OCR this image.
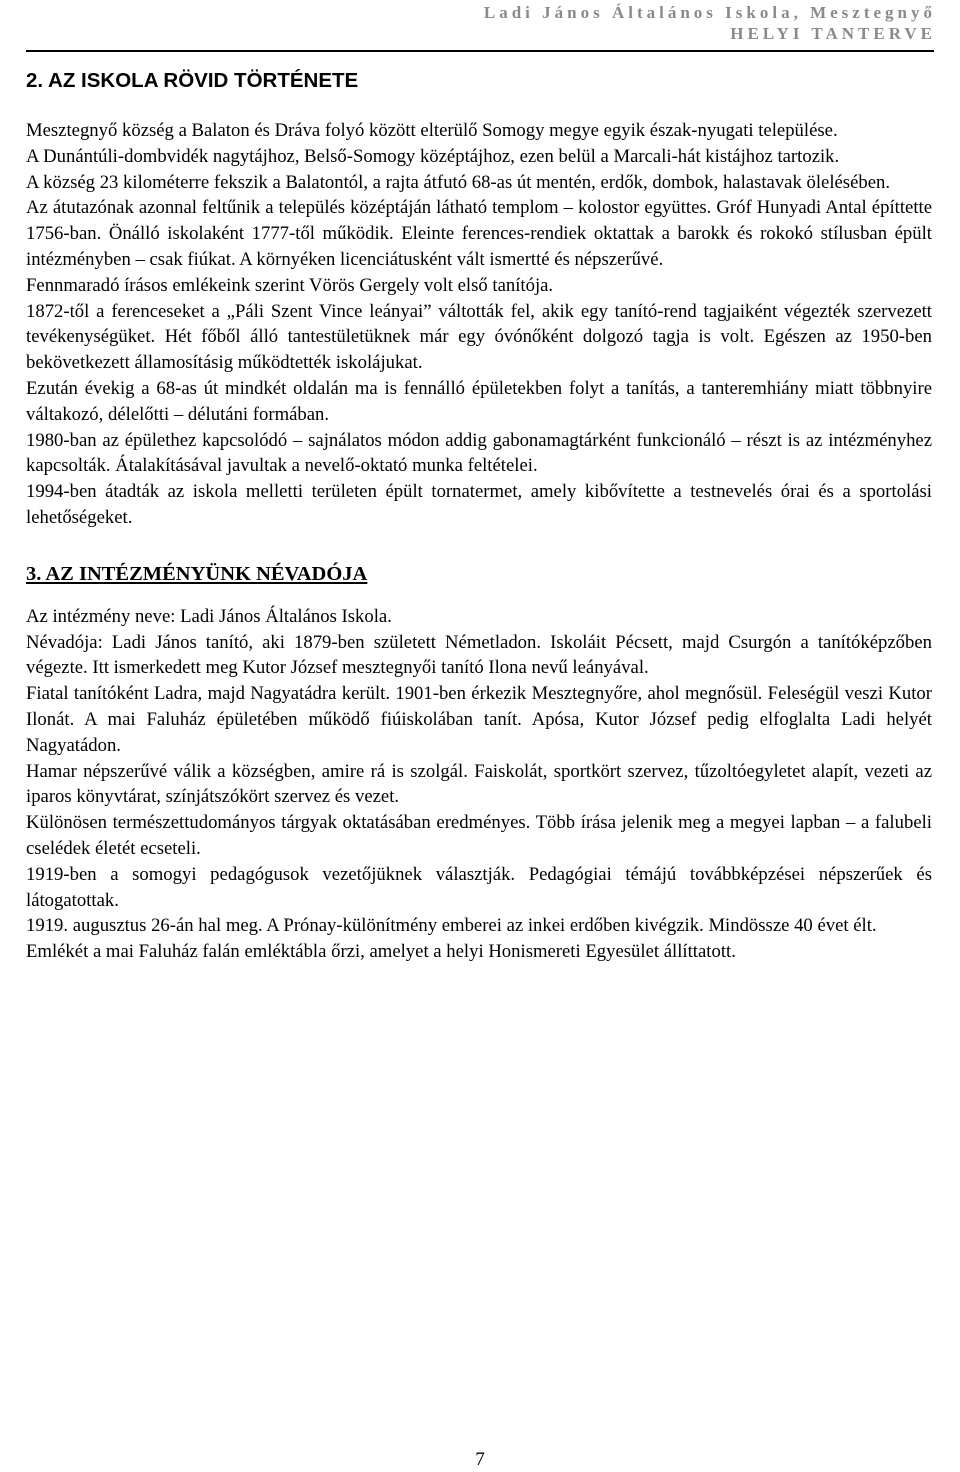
Ladi János Általános Iskola, Mesztegnyő
HELYI TANTERVE
2. AZ ISKOLA RÖVID TÖRTÉNETE

Mesztegnyő község a Balaton és Dráva folyó között elterülő Somogy megye egyik észak-nyugati települése.

A Dunántúli-dombvidék nagytájhoz, Belső-Somogy középtájhoz, ezen belül a Marcali-hát kistájhoz tartozik.

A község 23 kilométerre fekszik a Balatontól, a rajta átfutó 68-as út mentén, erdők, dombok, halastavak ölelésében.

Az átutazónak azonnal feltűnik a település középtáján látható templom – kolostor együttes. Gróf Hunyadi Antal építtette 1756-ban. Önálló iskolaként 1777-től működik. Eleinte ferences-rendiek oktattak a barokk és rokokó stílusban épült intézményben – csak fiúkat. A környéken licenciátusként vált ismertté és népszerűvé.

Fennmaradó írásos emlékeink szerint Vörös Gergely volt első tanítója.

1872-től a ferenceseket a „Páli Szent Vince leányai” váltották fel, akik egy tanító-rend tagjaiként végezték szervezett tevékenységüket. Hét főből álló tantestületüknek már egy óvónőként dolgozó tagja is volt. Egészen az 1950-ben bekövetkezett államosításig működtették iskolájukat.

Ezután évekig a 68-as út mindkét oldalán ma is fennálló épületekben folyt a tanítás, a tanteremhiány miatt többnyire váltakozó, délelőtti – délutáni formában.

1980-ban az épülethez kapcsolódó – sajnálatos módon addig gabonamagtárként funkcionáló – részt is az intézményhez kapcsolták. Átalakításával javultak a nevelő-oktató munka feltételei.

1994-ben átadták az iskola melletti területen épült tornatermet, amely kibővítette a testnevelés órai és a sportolási lehetőségeket.

3. AZ INTÉZMÉNYÜNK NÉVADÓJA

Az intézmény neve: Ladi János Általános Iskola.

Névadója: Ladi János tanító, aki 1879-ben született Németladon. Iskoláit Pécsett, majd Csurgón a tanítóképzőben végezte. Itt ismerkedett meg Kutor József mesztegnyői tanító Ilona nevű leányával.

Fiatal tanítóként Ladra, majd Nagyatádra került. 1901-ben érkezik Mesztegnyőre, ahol megnősül. Feleségül veszi Kutor Ilonát. A mai Faluház épületében működő fiúiskolában tanít. Apósa, Kutor József pedig elfoglalta Ladi helyét Nagyatádon.

Hamar népszerűvé válik a községben, amire rá is szolgál. Faiskolát, sportkört szervez, tűzoltóegyletet alapít, vezeti az iparos könyvtárat, színjátszókört szervez és vezet.

Különösen természettudományos tárgyak oktatásában eredményes. Több írása jelenik meg a megyei lapban – a falubeli cselédek életét ecseteli.

1919-ben a somogyi pedagógusok vezetőjüknek választják. Pedagógiai témájú továbbképzései népszerűek és látogatottak.

1919. augusztus 26-án hal meg. A Prónay-különítmény emberei az inkei erdőben kivégzik. Mindössze 40 évet élt.

Emlékét a mai Faluház falán emléktábla őrzi, amelyet a helyi Honismereti Egyesület állíttatott.

7
